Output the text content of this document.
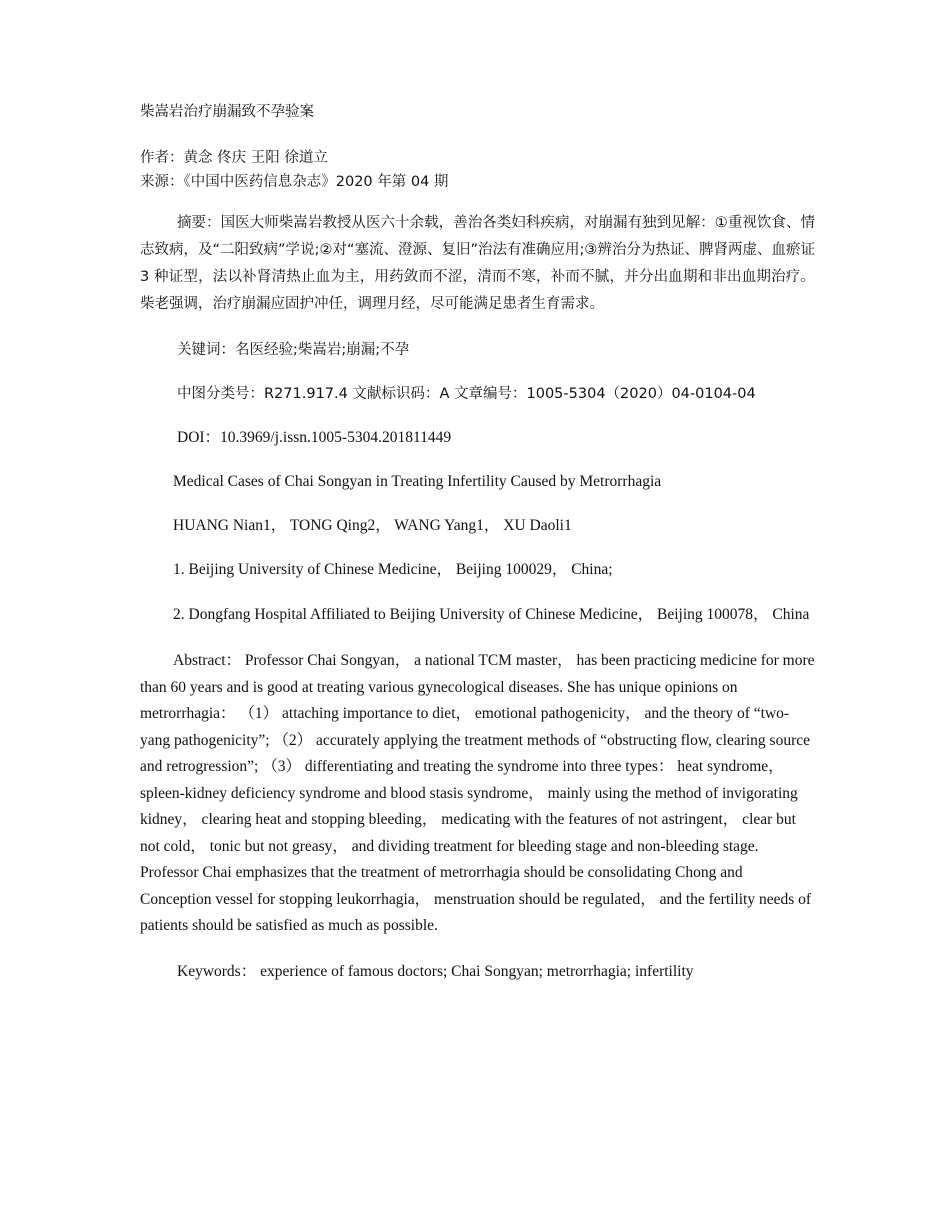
柴嵩岩治疗崩漏致不孕验案
作者：黄念 佟庆 王阳 徐道立
来源：《中国中医药信息杂志》2020 年第 04 期

摘要：国医大师柴嵩岩教授从医六十余载，善治各类妇科疾病，对崩漏有独到见解：①重视饮食、情志致病，及“二阳致病”学说;②对“塞流、澄源、复旧”治法有准确应用;③辨治分为热证、脾肾两虚、血瘀证 3 种证型，法以补肾清热止血为主，用药敛而不涩，清而不寒，补而不腻，并分出血期和非出血期治疗。柴老强调，治疗崩漏应固护冲任，调理月经，尽可能满足患者生育需求。

关键词：名医经验;柴嵩岩;崩漏;不孕
中图分类号：R271.917.4 文献标识码：A 文章编号：1005-5304（2020）04-0104-04
DOI：10.3969/j.issn.1005-5304.201811449
Medical Cases of Chai Songyan in Treating Infertility Caused by Metrorrhagia
HUANG Nian1， TONG Qing2， WANG Yang1， XU Daoli1
1. Beijing University of Chinese Medicine， Beijing 100029， China;
2. Dongfang Hospital Affiliated to Beijing University of Chinese Medicine， Beijing 100078， China

Abstract： Professor Chai Songyan， a national TCM master， has been practicing medicine for more than 60 years and is good at treating various gynecological diseases. She has unique opinions on metrorrhagia： （1） attaching importance to diet， emotional pathogenicity， and the theory of “two-yang pathogenicity”; （2） accurately applying the treatment methods of “obstructing flow, clearing source and retrogression”; （3） differentiating and treating the syndrome into three types： heat syndrome， spleen-kidney deficiency syndrome and blood stasis syndrome， mainly using the method of invigorating kidney， clearing heat and stopping bleeding， medicating with the features of not astringent， clear but not cold， tonic but not greasy， and dividing treatment for bleeding stage and non-bleeding stage. Professor Chai emphasizes that the treatment of metrorrhagia should be consolidating Chong and Conception vessel for stopping leukorrhagia， menstruation should be regulated， and the fertility needs of patients should be satisfied as much as possible.

Keywords： experience of famous doctors; Chai Songyan; metrorrhagia; infertility
